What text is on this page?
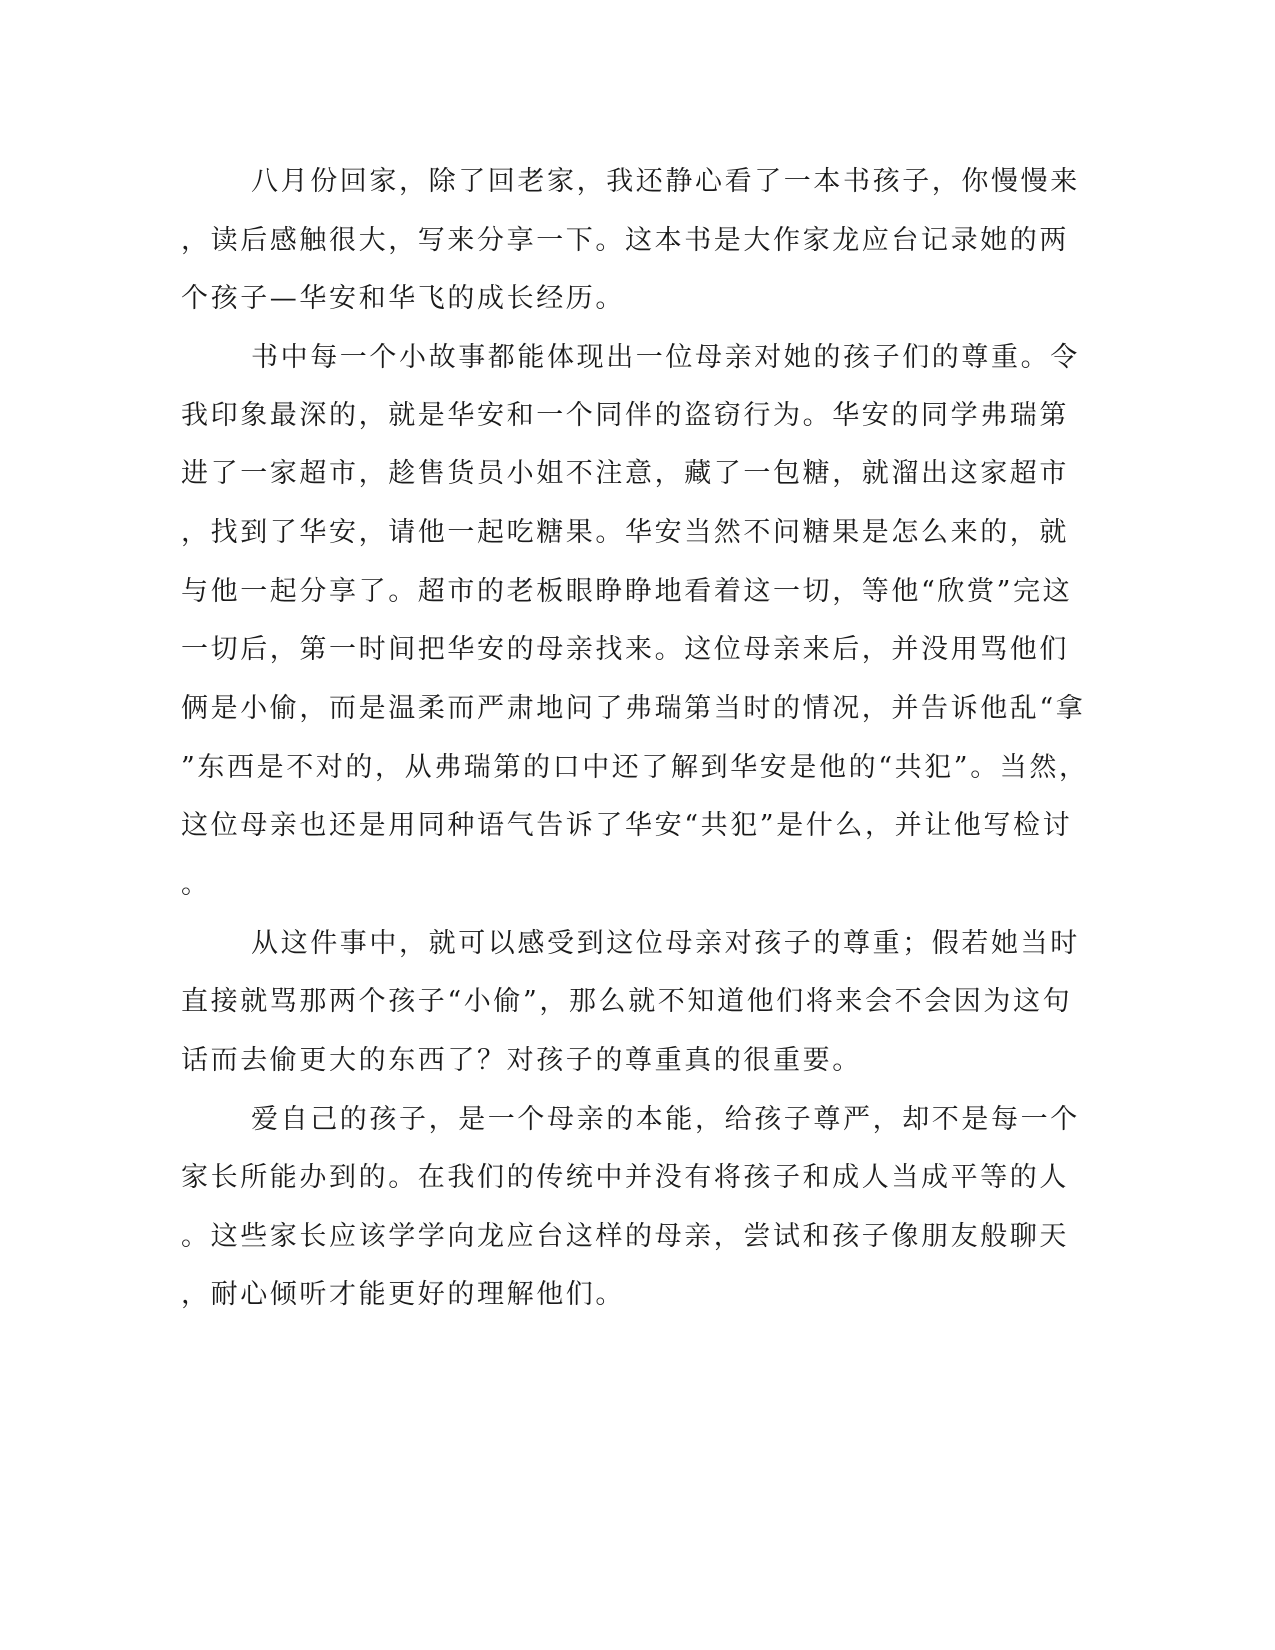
八月份回家，除了回老家，我还静心看了一本书孩子，你慢慢来
，读后感触很大，写来分享一下。这本书是大作家龙应台记录她的两
个孩子—华安和华飞的成长经历。
书中每一个小故事都能体现出一位母亲对她的孩子们的尊重。令
我印象最深的，就是华安和一个同伴的盗窃行为。华安的同学弗瑞第
进了一家超市，趁售货员小姐不注意，藏了一包糖，就溜出这家超市
，找到了华安，请他一起吃糖果。华安当然不问糖果是怎么来的，就
与他一起分享了。超市的老板眼睁睁地看着这一切，等他“欣赏”完这
一切后，第一时间把华安的母亲找来。这位母亲来后，并没用骂他们
俩是小偷，而是温柔而严肃地问了弗瑞第当时的情况，并告诉他乱“拿
”东西是不对的，从弗瑞第的口中还了解到华安是他的“共犯”。当然，
这位母亲也还是用同种语气告诉了华安“共犯”是什么，并让他写检讨
。
从这件事中，就可以感受到这位母亲对孩子的尊重；假若她当时
直接就骂那两个孩子“小偷”，那么就不知道他们将来会不会因为这句
话而去偷更大的东西了？对孩子的尊重真的很重要。
爱自己的孩子，是一个母亲的本能，给孩子尊严，却不是每一个
家长所能办到的。在我们的传统中并没有将孩子和成人当成平等的人
。这些家长应该学学向龙应台这样的母亲，尝试和孩子像朋友般聊天
，耐心倾听才能更好的理解他们。
